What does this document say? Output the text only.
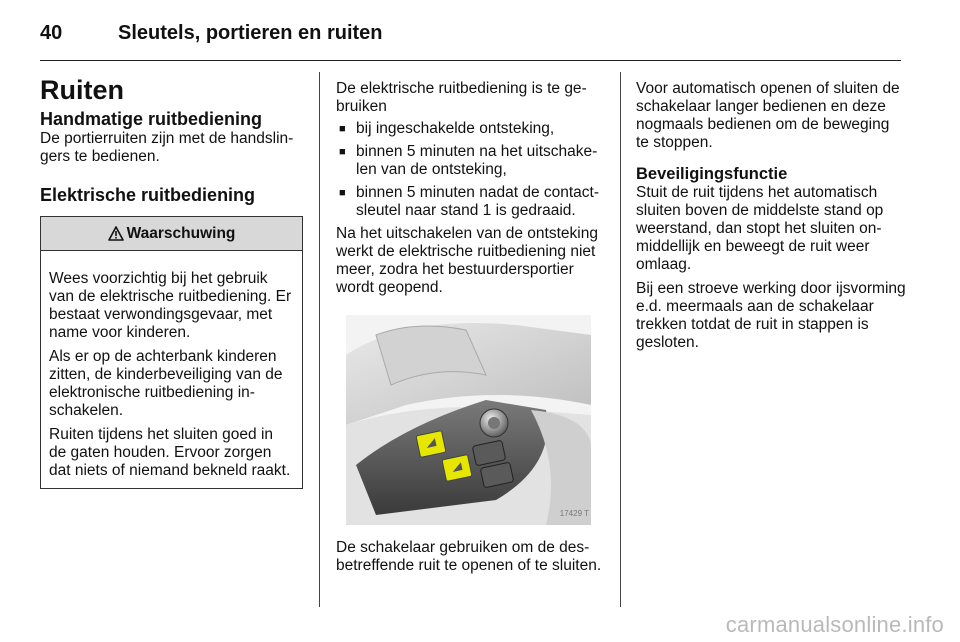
40	Sleutels, portieren en ruiten
Ruiten
Handmatige ruitbediening

De portierruiten zijn met de handslingers te bedienen.

Elektrische ruitbediening
Waarschuwing

Wees voorzichtig bij het gebruik van de elektrische ruitbediening. Er bestaat verwondingsgevaar, met name voor kinderen.

Als er op de achterbank kinderen zitten, de kinderbeveiliging van de elektronische ruitbediening inschakelen.

Ruiten tijdens het sluiten goed in de gaten houden. Ervoor zorgen dat niets of niemand bekneld raakt.

De elektrische ruitbediening is te gebruiken

■ bij ingeschakelde ontsteking,
■ binnen 5 minuten na het uitschakelen van de ontsteking,
■ binnen 5 minuten nadat de contactsleutel naar stand 1 is gedraaid.

Na het uitschakelen van de ontsteking werkt de elektrische ruitbediening niet meer, zodra het bestuurdersportier wordt geopend.

17429 T

De schakelaar gebruiken om de desbetreffende ruit te openen of te sluiten.

Voor automatisch openen of sluiten de schakelaar langer bedienen en deze nogmaals bedienen om de beweging te stoppen.

Beveiligingsfunctie

Stuit de ruit tijdens het automatisch sluiten boven de middelste stand op weerstand, dan stopt het sluiten onmiddellijk en beweegt de ruit weer omlaag.

Bij een stroeve werking door ijsvorming e.d. meermaals aan de schakelaar trekken totdat de ruit in stappen is gesloten.

carmanualsonline.info
